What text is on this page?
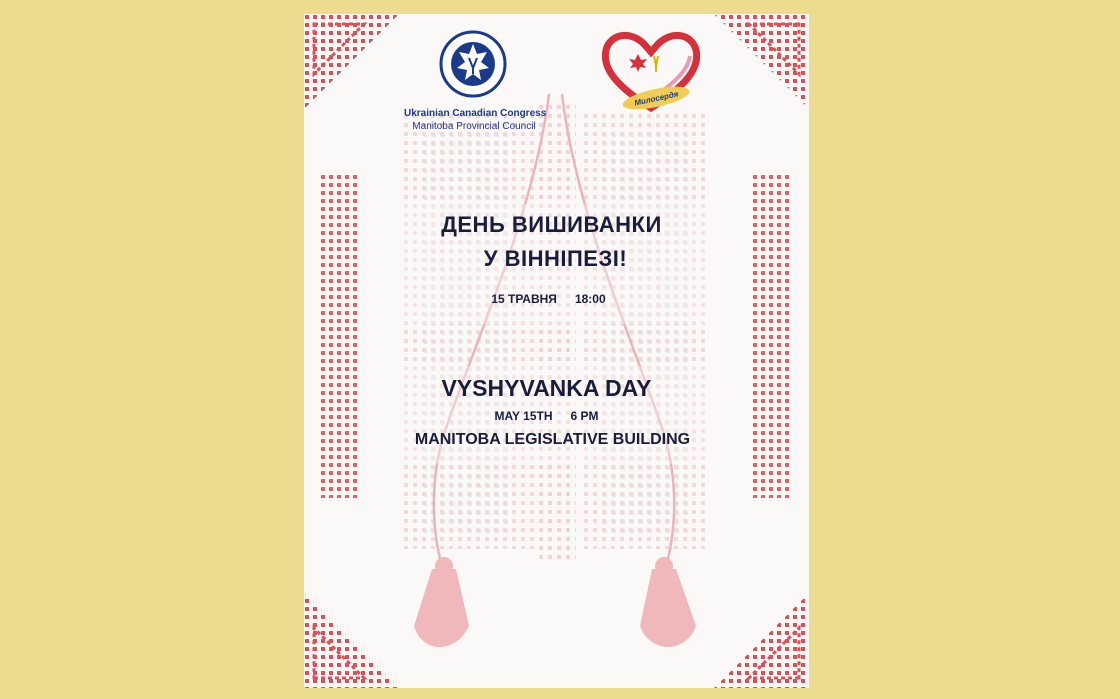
Ukrainian Canadian Congress
Manitoba Provincial Council
Милосердя
ДЕНЬ ВИШИВАНКИ
У ВІННІПЕЗІ!
15 ТРАВНЯ 18:00
VYSHYVANKA DAY
MAY 15TH 6 PM
MANITOBA LEGISLATIVE BUILDING
